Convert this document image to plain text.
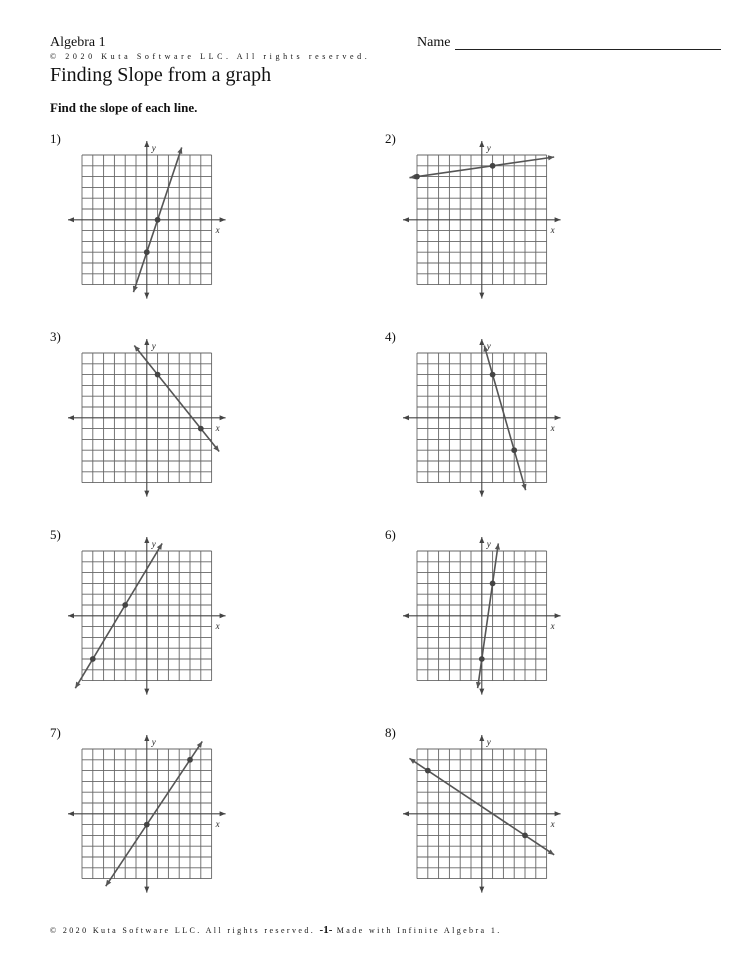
Algebra 1
© 2020 Kuta Software LLC. All rights reserved.
Name
Finding Slope from a graph
Find the slope of each line.
1)
x
y
2)
x
y
3)
x
y
4)
x
y
5)
x
y
6)
x
y
7)
x
y
8)
x
y
© 2020 Kuta Software LLC. All rights reserved. -1- Made with Infinite Algebra 1.
